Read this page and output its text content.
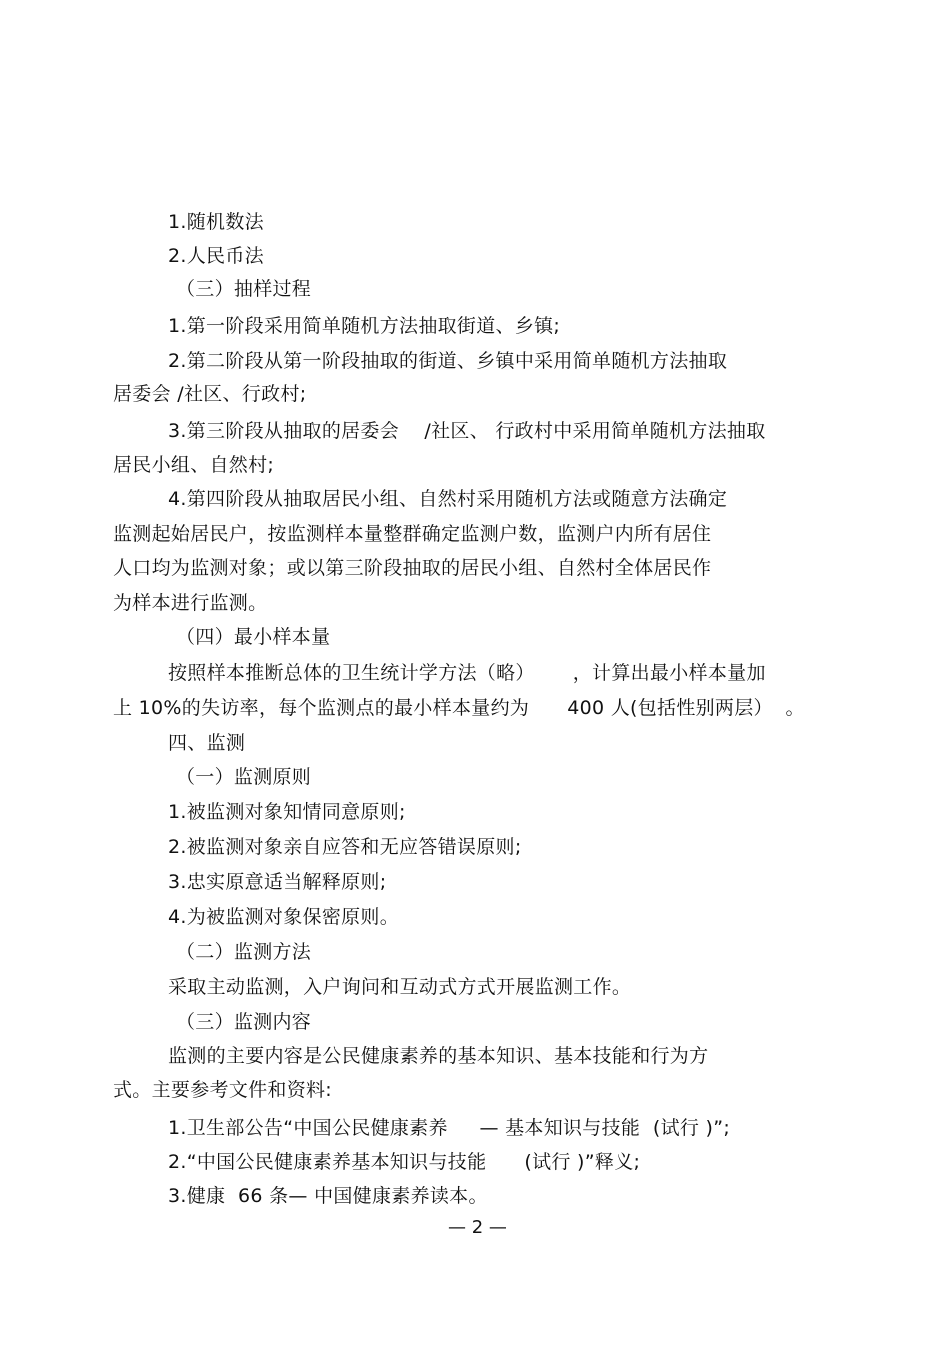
1.随机数法
2.人民币法
（三）抽样过程
1.第一阶段采用简单随机方法抽取街道、乡镇;
2.第二阶段从第一阶段抽取的街道、乡镇中采用简单随机方法抽取
居委会 /社区、行政村;
3.第三阶段从抽取的居委会    /社区、 行政村中采用简单随机方法抽取
居民小组、自然村;
4.第四阶段从抽取居民小组、自然村采用随机方法或随意方法确定
监测起始居民户，按监测样本量整群确定监测户数，监测户内所有居住
人口均为监测对象；或以第三阶段抽取的居民小组、自然村全体居民作
为样本进行监测。
（四）最小样本量
按照样本推断总体的卫生统计学方法（略）      ，计算出最小样本量加
上 10%的失访率，每个监测点的最小样本量约为      400 人(包括性别两层）  。
四、监测
（一）监测原则
1.被监测对象知情同意原则;
2.被监测对象亲自应答和无应答错误原则;
3.忠实原意适当解释原则;
4.为被监测对象保密原则。
（二）监测方法
采取主动监测，入户询问和互动式方式开展监测工作。
（三）监测内容
监测的主要内容是公民健康素养的基本知识、基本技能和行为方
式。主要参考文件和资料:
1.卫生部公告“中国公民健康素养     — 基本知识与技能  (试行 )”;
2.“中国公民健康素养基本知识与技能      (试行 )”释义;
3.健康  66 条— 中国健康素养读本。
— 2 —
